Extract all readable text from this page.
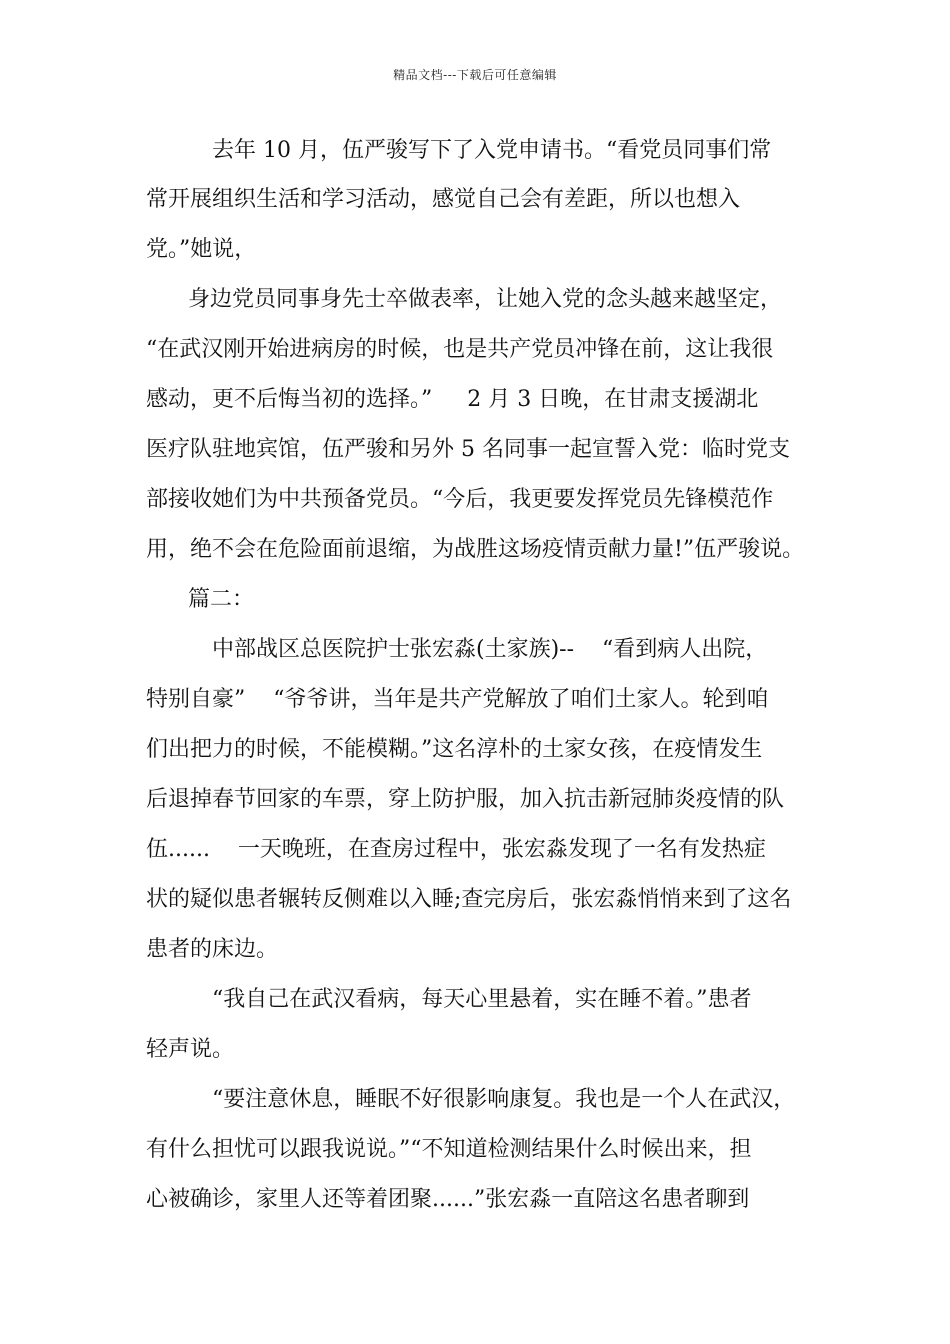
精品文档---下载后可任意编辑
去年 10 月，伍严骏写下了入党申请书。“看党员同事们常
常开展组织生活和学习活动，感觉自己会有差距，所以也想入
党。”她说，
身边党员同事身先士卒做表率，让她入党的念头越来越坚定，
“在武汉刚开始进病房的时候，也是共产党员冲锋在前，这让我很
感动，更不后悔当初的选择。”     2 月 3 日晚，在甘肃支援湖北
医疗队驻地宾馆，伍严骏和另外 5 名同事一起宣誓入党：临时党支
部接收她们为中共预备党员。“今后，我更要发挥党员先锋模范作
用，绝不会在危险面前退缩，为战胜这场疫情贡献力量!”伍严骏说。
篇二：
中部战区总医院护士张宏淼(土家族)--    “看到病人出院，
特别自豪”    “爷爷讲，当年是共产党解放了咱们土家人。轮到咱
们出把力的时候，不能模糊。”这名淳朴的土家女孩，在疫情发生
后退掉春节回家的车票，穿上防护服，加入抗击新冠肺炎疫情的队
伍......    一天晚班，在查房过程中，张宏淼发现了一名有发热症
状的疑似患者辗转反侧难以入睡;查完房后，张宏淼悄悄来到了这名
患者的床边。
“我自己在武汉看病，每天心里悬着，实在睡不着。”患者
轻声说。
“要注意休息，睡眠不好很影响康复。我也是一个人在武汉，
有什么担忧可以跟我说说。”“不知道检测结果什么时候出来，担
心被确诊，家里人还等着团聚......”张宏淼一直陪这名患者聊到
